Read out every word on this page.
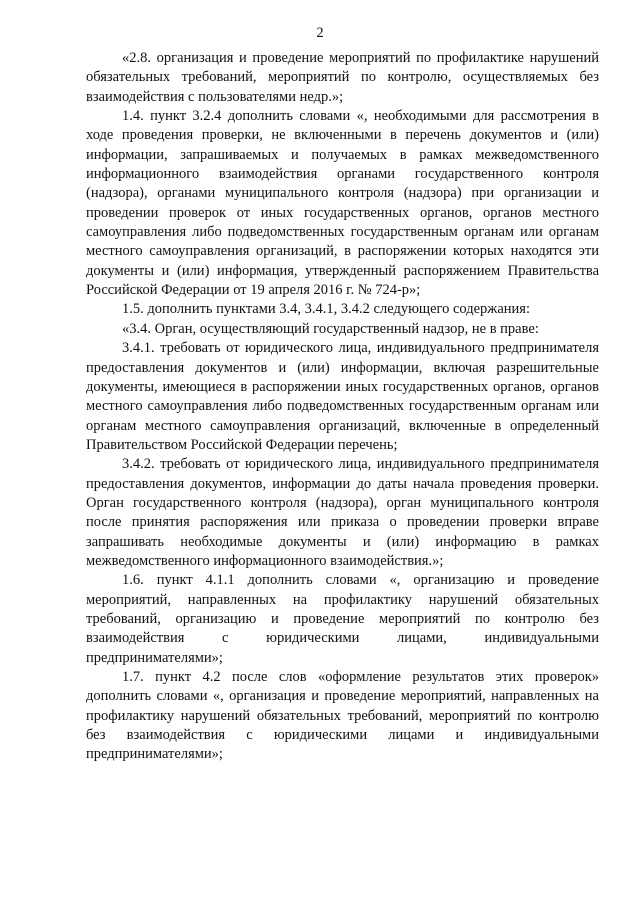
2

«2.8. организация и проведение мероприятий по профилактике нарушений обязательных требований, мероприятий по контролю, осуществляемых без взаимодействия с пользователями недр.»;

1.4. пункт 3.2.4 дополнить словами «, необходимыми для рассмотрения в ходе проведения проверки, не включенными в перечень документов и (или) информации, запрашиваемых и получаемых в рамках межведомственного информационного взаимодействия органами государственного контроля (надзора), органами муниципального контроля (надзора) при организации и проведении проверок от иных государственных органов, органов местного самоуправления либо подведомственных государственным органам или органам местного самоуправления организаций, в распоряжении которых находятся эти документы и (или) информация, утвержденный распоряжением Правительства Российской Федерации от 19 апреля 2016 г. № 724-р»;

1.5. дополнить пунктами 3.4, 3.4.1, 3.4.2 следующего содержания:

«3.4. Орган, осуществляющий государственный надзор, не в праве:

3.4.1. требовать от юридического лица, индивидуального предпринимателя предоставления документов и (или) информации, включая разрешительные документы, имеющиеся в распоряжении иных государственных органов, органов местного самоуправления либо подведомственных государственным органам или органам местного самоуправления организаций, включенные в определенный Правительством Российской Федерации перечень;

3.4.2. требовать от юридического лица, индивидуального предпринимателя предоставления документов, информации до даты начала проведения проверки. Орган государственного контроля (надзора), орган муниципального контроля после принятия распоряжения или приказа о проведении проверки вправе запрашивать необходимые документы и (или) информацию в рамках межведомственного информационного взаимодействия.»;

1.6. пункт 4.1.1 дополнить словами «, организацию и проведение мероприятий, направленных на профилактику нарушений обязательных требований, организацию и проведение мероприятий по контролю без взаимодействия с юридическими лицами, индивидуальными предпринимателями»;

1.7. пункт 4.2 после слов «оформление результатов этих проверок» дополнить словами «, организация и проведение мероприятий, направленных на профилактику нарушений обязательных требований, мероприятий по контролю без взаимодействия с юридическими лицами и индивидуальными предпринимателями»;
